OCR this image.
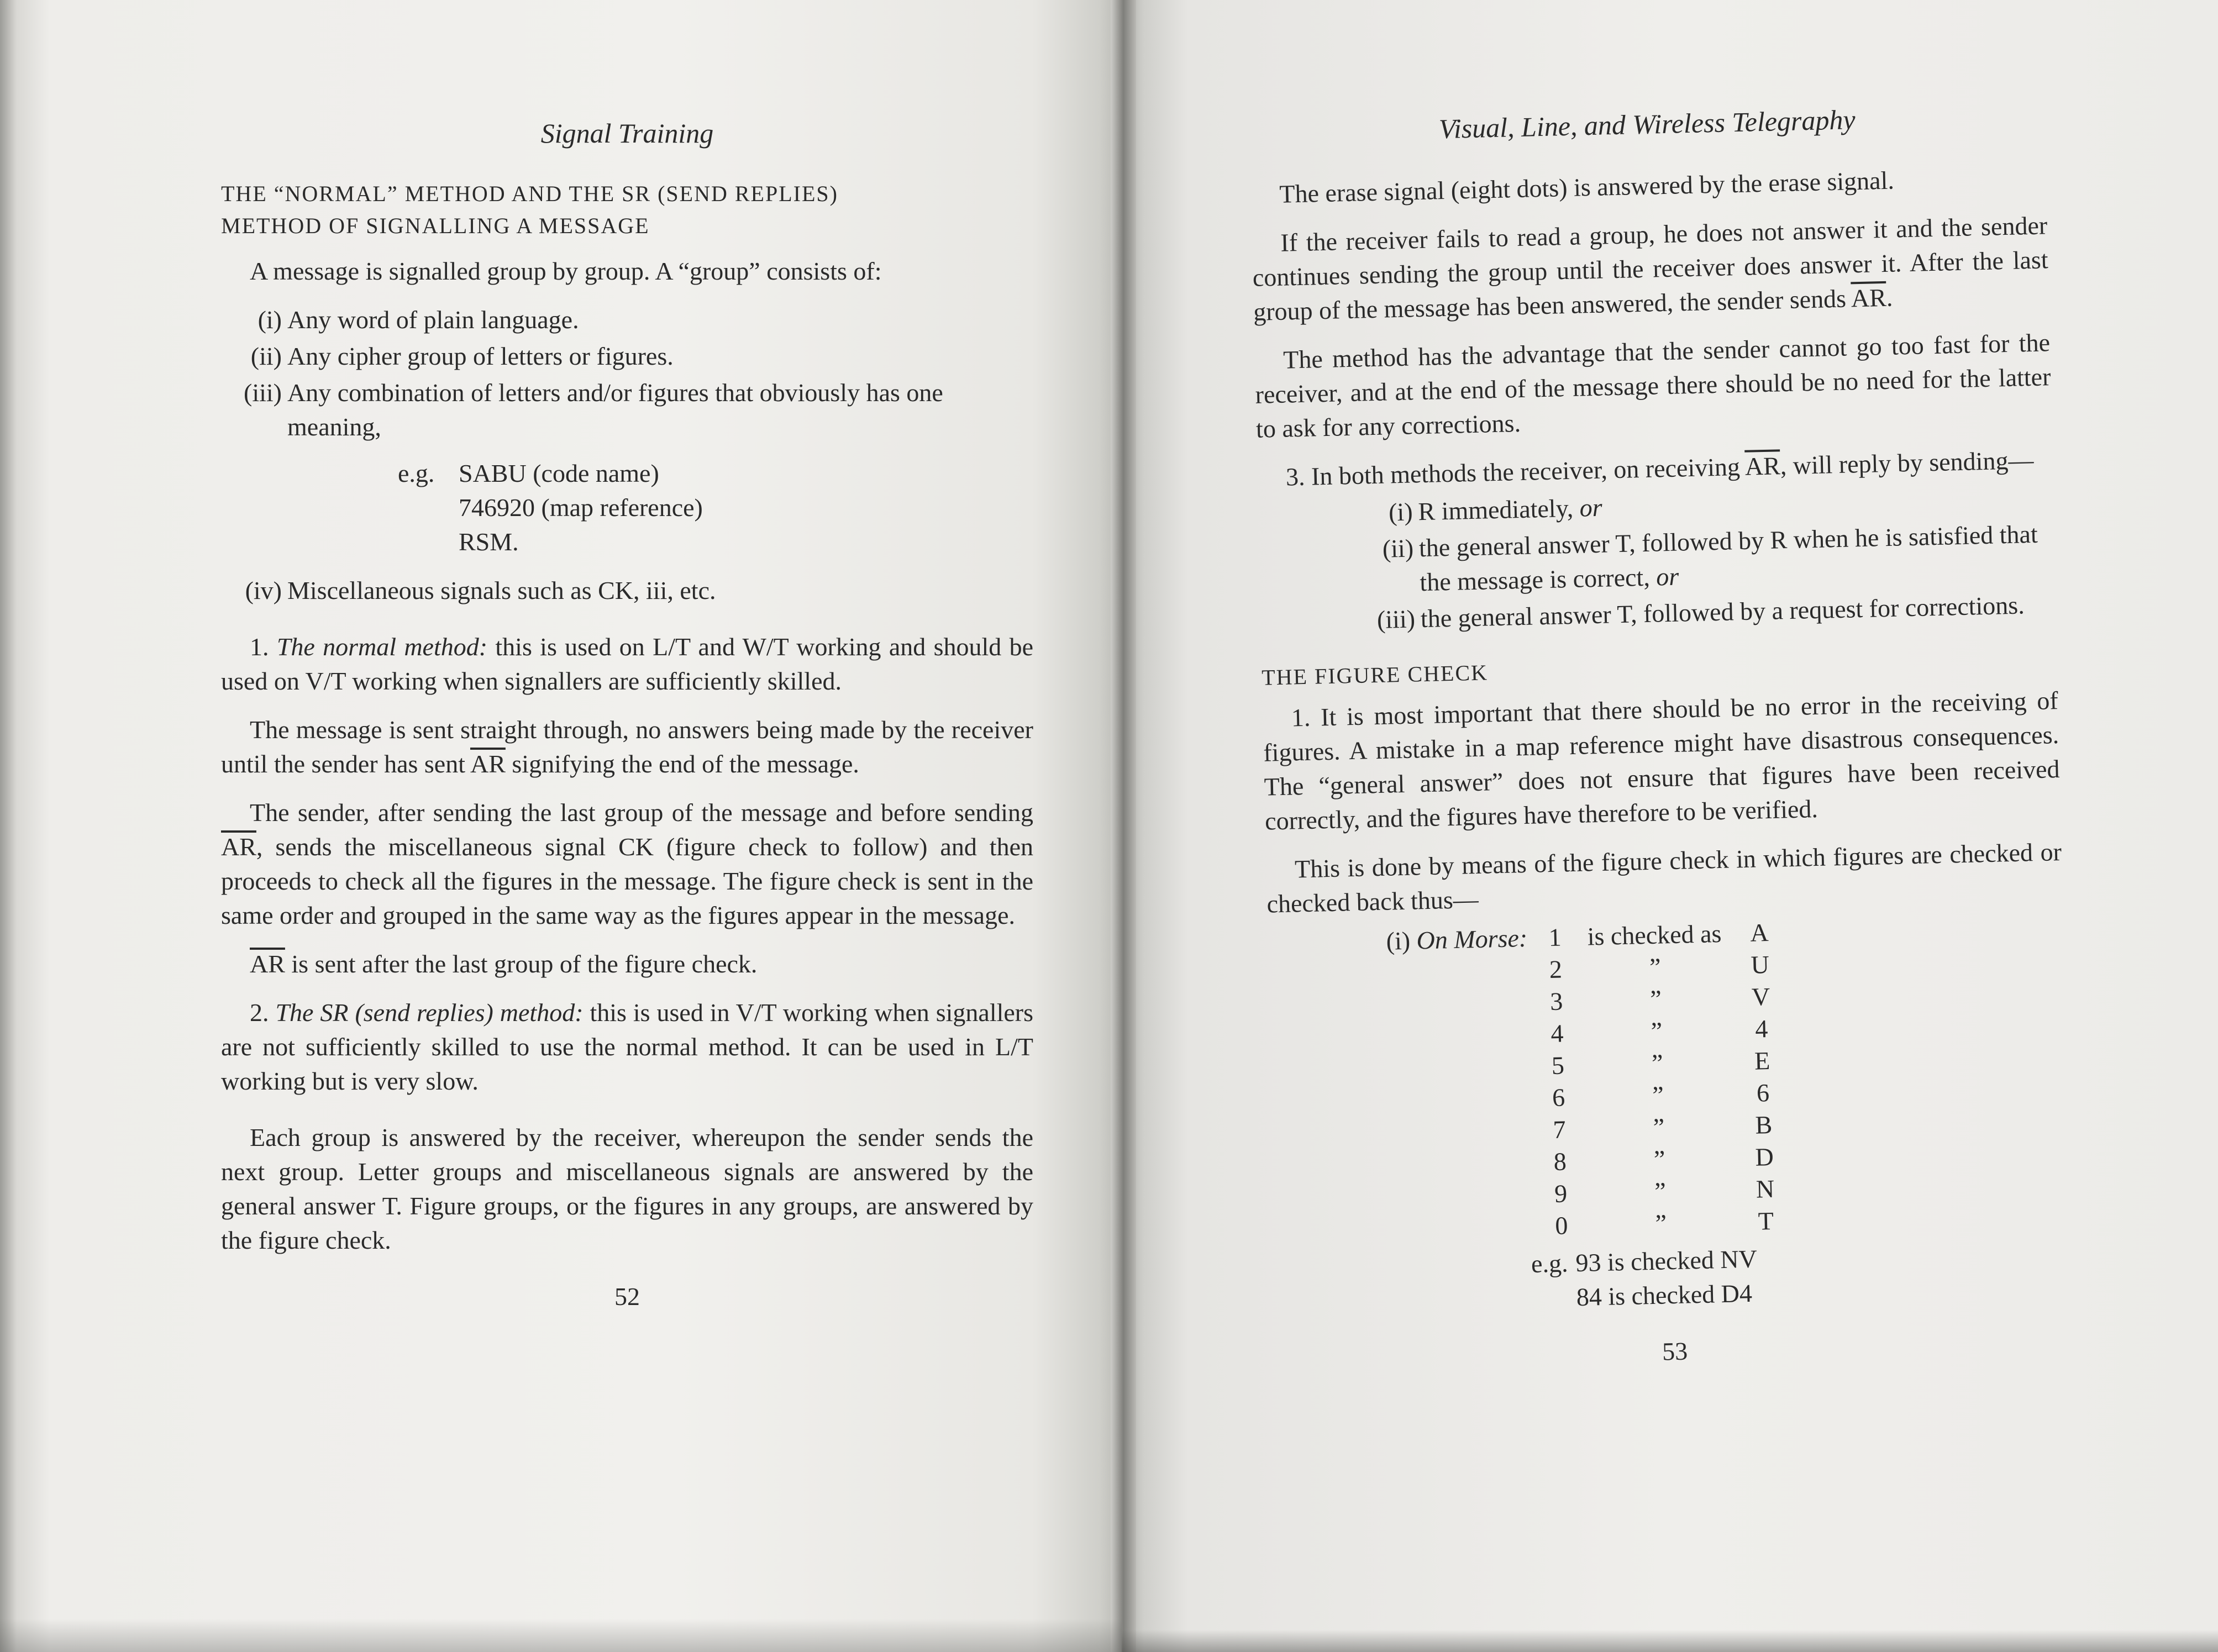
Signal Training
THE “NORMAL” METHOD AND THE SR (SEND REPLIES)
METHOD OF SIGNALLING A MESSAGE

A message is signalled group by group. A “group” consists of:

(i) Any word of plain language.
(ii) Any cipher group of letters or figures.
(iii) Any combination of letters and/or figures that obviously has one meaning,
e.g. SABU (code name)
746920 (map reference)
RSM.
(iv) Miscellaneous signals such as CK, iii, etc.

1. The normal method: this is used on L/T and W/T working and should be used on V/T working when signallers are sufficiently skilled.

The message is sent straight through, no answers being made by the receiver until the sender has sent $\overline{AR}$ signifying the end of the message.

The sender, after sending the last group of the message and before sending $\overline{AR}$, sends the miscellaneous signal CK (figure check to follow) and then proceeds to check all the figures in the message. The figure check is sent in the same order and grouped in the same way as the figures appear in the message.

$\overline{AR}$ is sent after the last group of the figure check.

2. The SR (send replies) method: this is used in V/T working when signallers are not sufficiently skilled to use the normal method. It can be used in L/T working but is very slow.

Each group is answered by the receiver, whereupon the sender sends the next group. Letter groups and miscellaneous signals are answered by the general answer T. Figure groups, or the figures in any groups, are answered by the figure check.

52
Visual, Line, and Wireless Telegraphy

The erase signal (eight dots) is answered by the erase signal.

If the receiver fails to read a group, he does not answer it and the sender continues sending the group until the receiver does answer it. After the last group of the message has been answered, the sender sends $\overline{AR}$.

The method has the advantage that the sender cannot go too fast for the receiver, and at the end of the message there should be no need for the latter to ask for any corrections.

3. In both methods the receiver, on receiving $\overline{AR}$, will reply by sending—

(i) R immediately, or
(ii) the general answer T, followed by R when he is satisfied that the message is correct, or
(iii) the general answer T, followed by a request for corrections.
THE FIGURE CHECK

1. It is most important that there should be no error in the receiving of figures. A mistake in a map reference might have disastrous consequences. The “general answer” does not ensure that figures have been received correctly, and the figures have therefore to be verified.

This is done by means of the figure check in which figures are checked or checked back thus—

(i) On Morse: 1 is checked as	A
2	”	U
3	”	V
4	”	4
5	”	E
6	”	6
7	”	B
8	”	D
9	”	N
0	”	T
e.g. 93 is checked NV
84 is checked D4
53
